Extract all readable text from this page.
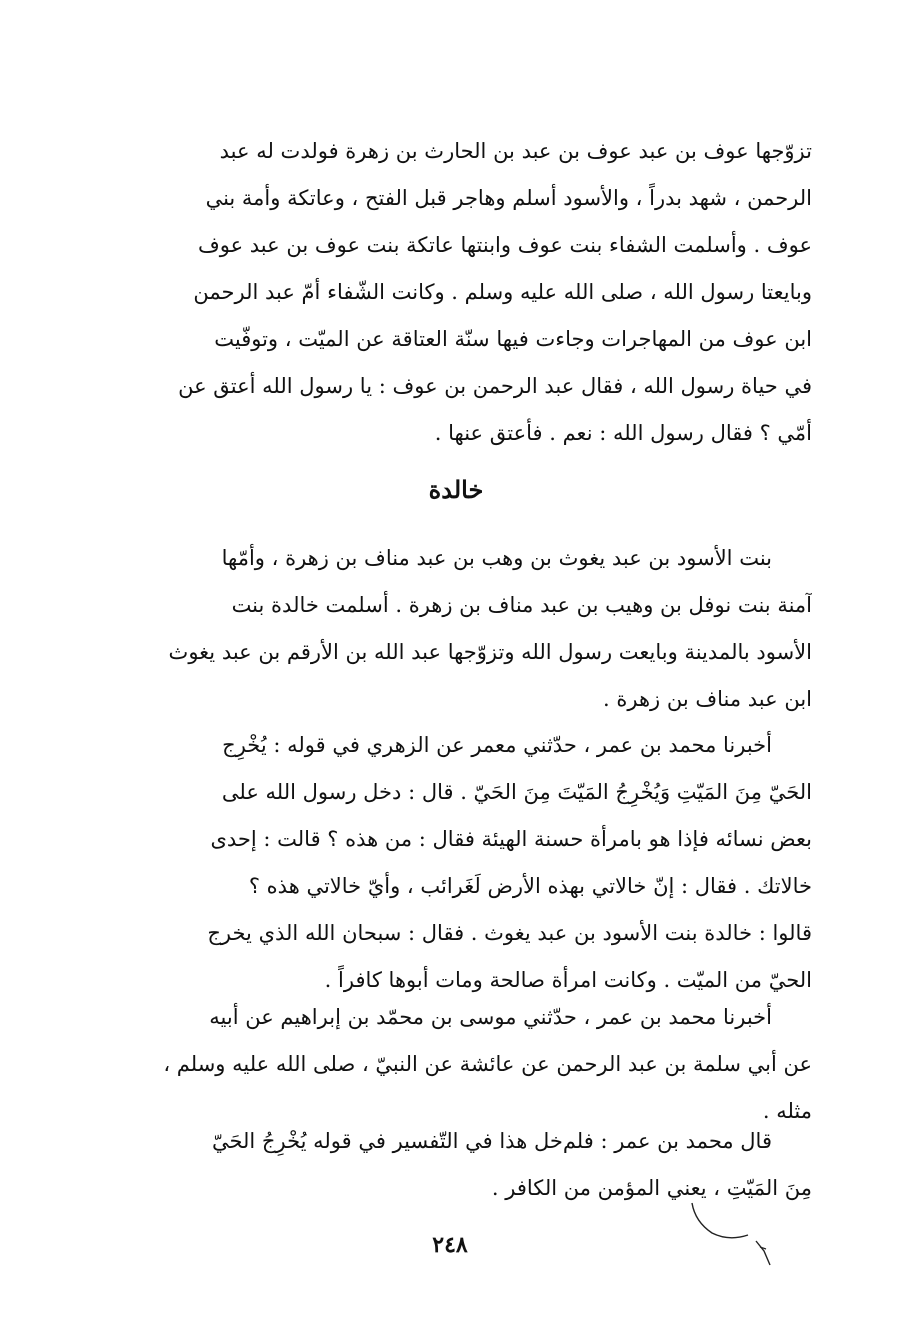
تزوّجها عوف بن عبد عوف بن عبد بن الحارث بن زهرة فولدت له عبد
الرحمن ، شهد بدراً ، والأسود أسلم وهاجر قبل الفتح ، وعاتكة وأمة بني
عوف . وأسلمت الشفاء بنت عوف وابنتها عاتكة بنت عوف بن عبد عوف
وبايعتا رسول الله ، صلى الله عليه وسلم . وكانت الشّفاء أمّ عبد الرحمن
ابن عوف من المهاجرات وجاءت فيها سنّة العتاقة عن الميّت ، وتوفّيت
في حياة رسول الله ، فقال عبد الرحمن بن عوف : يا رسول الله أعتق عن
أمّي ؟ فقال رسول الله : نعم . فأعتق عنها .
خالدة
بنت الأسود بن عبد يغوث بن وهب بن عبد مناف بن زهرة ، وأمّها
آمنة بنت نوفل بن وهيب بن عبد مناف بن زهرة . أسلمت خالدة بنت
الأسود بالمدينة وبايعت رسول الله وتزوّجها عبد الله بن الأرقم بن عبد يغوث
ابن عبد مناف بن زهرة .
أخبرنا محمد بن عمر ، حدّثني معمر عن الزهري في قوله : يُخْرِج
الحَيّ مِنَ المَيّتِ وَيُخْرِجُ المَيّتَ مِنَ الحَيّ . قال : دخل رسول الله على
بعض نسائه فإذا هو بامرأة حسنة الهيئة فقال : من هذه ؟ قالت : إحدى
خالاتك . فقال : إنّ خالاتي بهذه الأرض لَغَرائب ، وأيّ خالاتي هذه ؟
قالوا : خالدة بنت الأسود بن عبد يغوث . فقال : سبحان الله الذي يخرج
الحيّ من الميّت . وكانت امرأة صالحة ومات أبوها كافراً .
أخبرنا محمد بن عمر ، حدّثني موسى بن محمّد بن إبراهيم عن أبيه
عن أبي سلمة بن عبد الرحمن عن عائشة عن النبيّ ، صلى الله عليه وسلم ،
مثله .
قال محمد بن عمر : فلم‌خل هذا في التّفسير في قوله يُخْرِجُ الحَيّ
مِنَ المَيّتِ ، يعني المؤمن من الكافر .
٢٤٨
